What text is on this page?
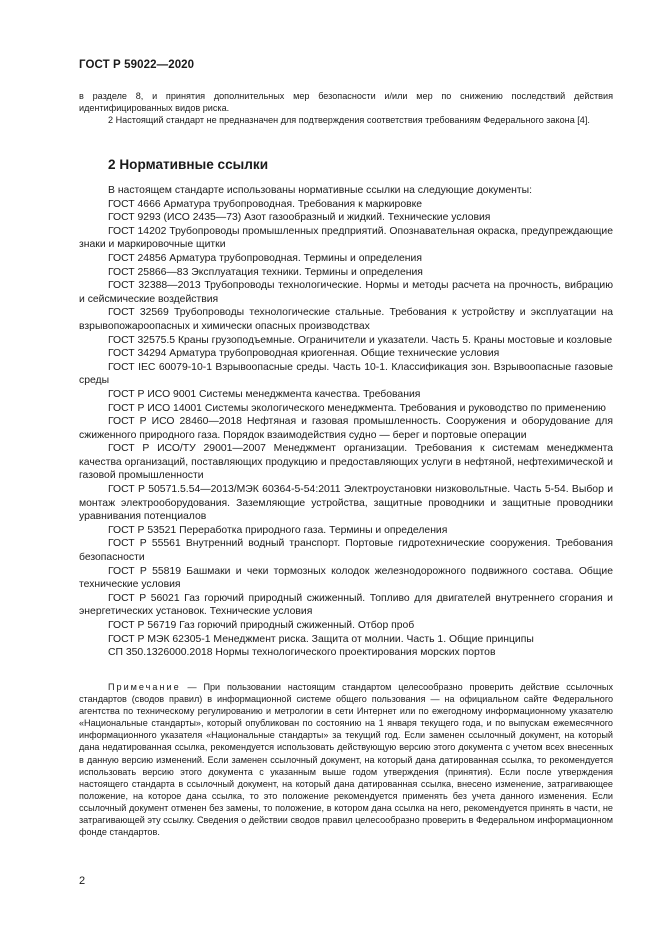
ГОСТ Р 59022—2020

в разделе 8, и принятия дополнительных мер безопасности и/или мер по снижению последствий действия идентифицированных видов риска.

2 Настоящий стандарт не предназначен для подтверждения соответствия требованиям Федерального закона [4].

2 Нормативные ссылки

В настоящем стандарте использованы нормативные ссылки на следующие документы:

ГОСТ 4666 Арматура трубопроводная. Требования к маркировке

ГОСТ 9293 (ИСО 2435—73) Азот газообразный и жидкий. Технические условия

ГОСТ 14202 Трубопроводы промышленных предприятий. Опознавательная окраска, предупреждающие знаки и маркировочные щитки

ГОСТ 24856 Арматура трубопроводная. Термины и определения

ГОСТ 25866—83 Эксплуатация техники. Термины и определения

ГОСТ 32388—2013 Трубопроводы технологические. Нормы и методы расчета на прочность, вибрацию и сейсмические воздействия

ГОСТ 32569 Трубопроводы технологические стальные. Требования к устройству и эксплуатации на взрывопожароопасных и химически опасных производствах

ГОСТ 32575.5 Краны грузоподъемные. Ограничители и указатели. Часть 5. Краны мостовые и козловые

ГОСТ 34294 Арматура трубопроводная криогенная. Общие технические условия

ГОСТ IEC 60079-10-1 Взрывоопасные среды. Часть 10-1. Классификация зон. Взрывоопасные газовые среды

ГОСТ Р ИСО 9001 Системы менеджмента качества. Требования

ГОСТ Р ИСО 14001 Системы экологического менеджмента. Требования и руководство по применению

ГОСТ Р ИСО 28460—2018 Нефтяная и газовая промышленность. Сооружения и оборудование для сжиженного природного газа. Порядок взаимодействия судно — берег и портовые операции

ГОСТ Р ИСО/ТУ 29001—2007 Менеджмент организации. Требования к системам менеджмента качества организаций, поставляющих продукцию и предоставляющих услуги в нефтяной, нефтехимической и газовой промышленности

ГОСТ Р 50571.5.54—2013/МЭК 60364-5-54:2011 Электроустановки низковольтные. Часть 5-54. Выбор и монтаж электрооборудования. Заземляющие устройства, защитные проводники и защитные проводники уравнивания потенциалов

ГОСТ Р 53521 Переработка природного газа. Термины и определения

ГОСТ Р 55561 Внутренний водный транспорт. Портовые гидротехнические сооружения. Требования безопасности

ГОСТ Р 55819 Башмаки и чеки тормозных колодок железнодорожного подвижного состава. Общие технические условия

ГОСТ Р 56021 Газ горючий природный сжиженный. Топливо для двигателей внутреннего сгорания и энергетических установок. Технические условия

ГОСТ Р 56719 Газ горючий природный сжиженный. Отбор проб

ГОСТ Р МЭК 62305-1 Менеджмент риска. Защита от молнии. Часть 1. Общие принципы

СП 350.1326000.2018 Нормы технологического проектирования морских портов

Примечание — При пользовании настоящим стандартом целесообразно проверить действие ссылочных стандартов (сводов правил) в информационной системе общего пользования — на официальном сайте Федерального агентства по техническому регулированию и метрологии в сети Интернет или по ежегодному информационному указателю «Национальные стандарты», который опубликован по состоянию на 1 января текущего года, и по выпускам ежемесячного информационного указателя «Национальные стандарты» за текущий год. Если заменен ссылочный документ, на который дана недатированная ссылка, рекомендуется использовать действующую версию этого документа с учетом всех внесенных в данную версию изменений. Если заменен ссылочный документ, на который дана датированная ссылка, то рекомендуется использовать версию этого документа с указанным выше годом утверждения (принятия). Если после утверждения настоящего стандарта в ссылочный документ, на который дана датированная ссылка, внесено изменение, затрагивающее положение, на которое дана ссылка, то это положение рекомендуется применять без учета данного изменения. Если ссылочный документ отменен без замены, то положение, в котором дана ссылка на него, рекомендуется принять в части, не затрагивающей эту ссылку. Сведения о действии сводов правил целесообразно проверить в Федеральном информационном фонде стандартов.

2
